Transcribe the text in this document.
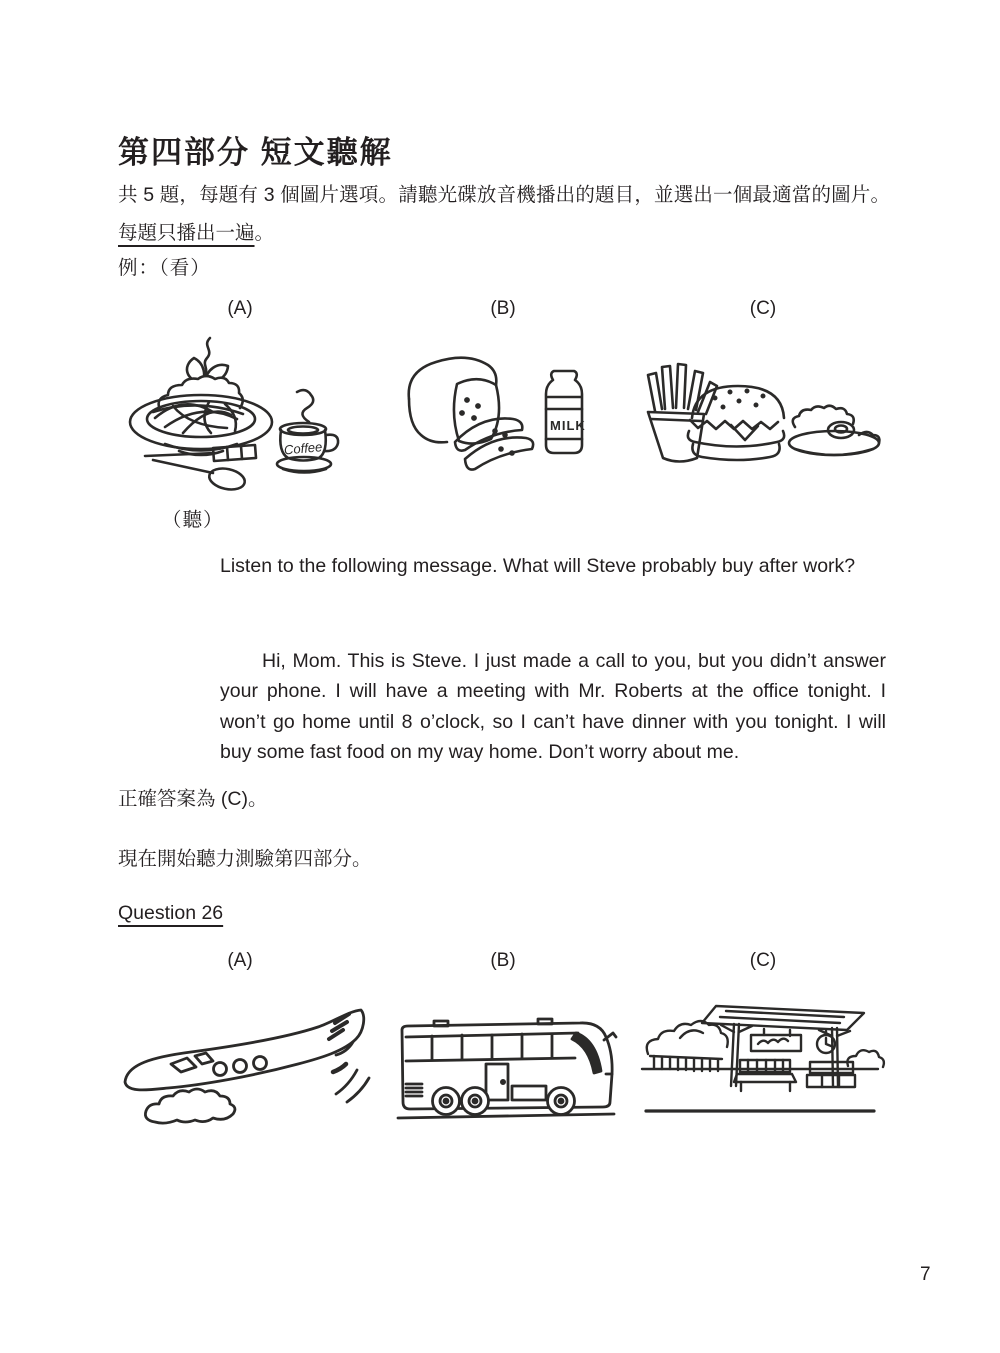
第四部分 短文聽解

共 5 題，每題有 3 個圖片選項。請聽光碟放音機播出的題目，並選出一個最適當的圖片。每題只播出一遍。

例：（看）
(A)	(B)	(C)
Coffee
MILK
（聽）

Listen to the following message. What will Steve probably buy after work?

Hi, Mom. This is Steve. I just made a call to you, but you didn’t answer your phone. I will have a meeting with Mr. Roberts at the office tonight. I won’t go home until 8 o’clock, so I can’t have dinner with you tonight. I will buy some fast food on my way home. Don’t worry about me.

正確答案為 (C)。
現在開始聽力測驗第四部分。
Question 26
(A)	(B)	(C)
7
